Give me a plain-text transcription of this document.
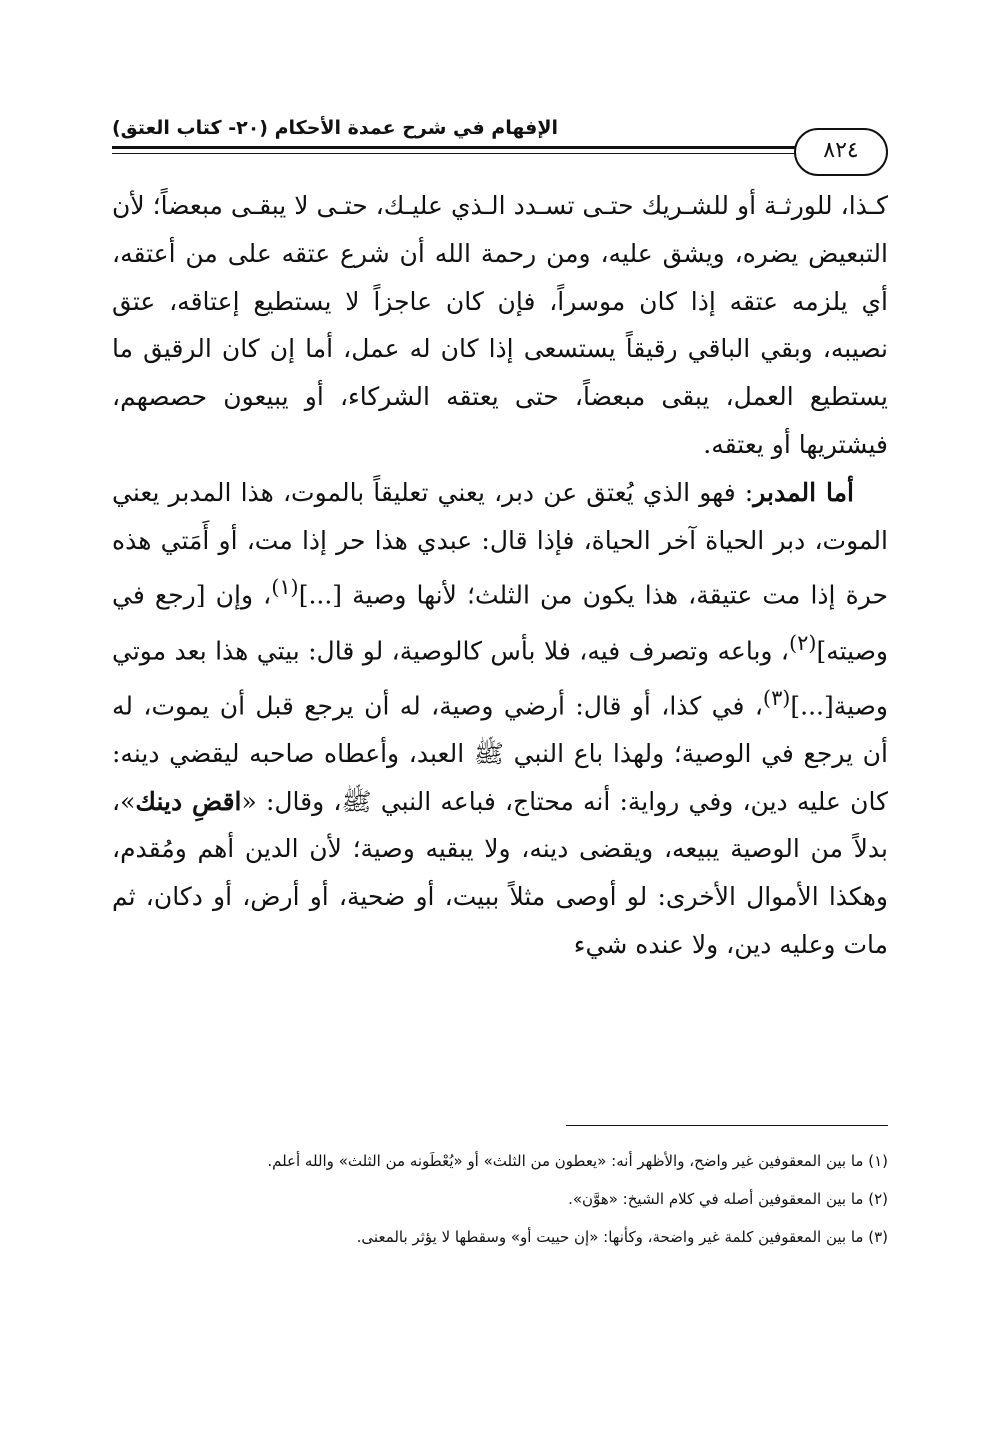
الإفهام في شرح عمدة الأحكام (٢٠- كتاب العتق)
٨٢٤

كـذا، للورثـة أو للشـريك حتـى تسـدد الـذي عليـك، حتـى لا يبقـى مبعضاً؛ لأن التبعيض يضره، ويشق عليه، ومن رحمة الله أن شرع عتقه على من أعتقه، أي يلزمه عتقه إذا كان موسراً، فإن كان عاجزاً لا يستطيع إعتاقه، عتق نصيبه، وبقي الباقي رقيقاً يستسعى إذا كان له عمل، أما إن كان الرقيق ما يستطيع العمل، يبقى مبعضاً، حتى يعتقه الشركاء، أو يبيعون حصصهم، فيشتريها أو يعتقه.

أما المدبر: فهو الذي يُعتق عن دبر، يعني تعليقاً بالموت، هذا المدبر يعني الموت، دبر الحياة آخر الحياة، فإذا قال: عبدي هذا حر إذا مت، أو أَمَتي هذه حرة إذا مت عتيقة، هذا يكون من الثلث؛ لأنها وصية [...]$^{(١)}$، وإن [رجع في وصيته]$^{(٢)}$، وباعه وتصرف فيه، فلا بأس كالوصية، لو قال: بيتي هذا بعد موتي وصية[...]$^{(٣)}$، في كذا، أو قال: أرضي وصية، له أن يرجع قبل أن يموت، له أن يرجع في الوصية؛ ولهذا باع النبي ﷺ العبد، وأعطاه صاحبه ليقضي دينه: كان عليه دين، وفي رواية: أنه محتاج، فباعه النبي ﷺ، وقال: «اقضِ دينك»، بدلاً من الوصية يبيعه، ويقضى دينه، ولا يبقيه وصية؛ لأن الدين أهم ومُقدم، وهكذا الأموال الأخرى: لو أوصى مثلاً ببيت، أو ضحية، أو أرض، أو دكان، ثم مات وعليه دين، ولا عنده شيء

(١) ما بين المعقوفين غير واضح، والأظهر أنه: «يعطون من الثلث» أو «يُعْطَونه من الثلث» والله أعلم.
(٢) ما بين المعقوفين أصله في كلام الشيخ: «هوَّن».
(٣) ما بين المعقوفين كلمة غير واضحة، وكأنها: «إن حييت أو» وسقطها لا يؤثر بالمعنى.
